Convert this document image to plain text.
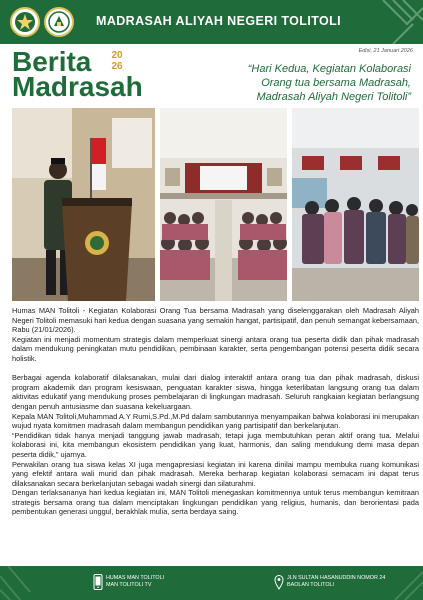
MADRASAH ALIYAH NEGERI TOLITOLI
Edisi, 21 Januari 2026
Berita	20
26
Madrasah
“Hari Kedua, Kegiatan Kolaborasi
Orang tua bersama Madrasah,
Madrasah Aliyah Negeri Tolitoli”

Humas MAN Tolitoli - Kegiatan Kolaborasi Orang Tua bersama Madrasah yang diselenggarakan oleh Madrasah Aliyah Negeri Tolitoli memasuki hari kedua dengan suasana yang semakin hangat, partisipatif, dan penuh semangat kebersamaan, Rabu (21/01/2026).

Kegiatan ini menjadi momentum strategis dalam memperkuat sinergi antara orang tua peserta didik dan pihak madrasah dalam mendukung peningkatan mutu pendidikan, pembinaan karakter, serta pengembangan potensi peserta didik secara holistik.

Berbagai agenda kolaboratif dilaksanakan, mulai dari dialog interaktif antara orang tua dan pihak madrasah, diskusi program akademik dan program kesiswaan, penguatan karakter siswa, hingga keterlibatan langsung orang tua dalam aktivitas edukatif yang mendukung proses pembelajaran di lingkungan madrasah. Seluruh rangkaian kegiatan berlangsung dengan penuh antusiasme dan suasana kekeluargaan.

Kepala MAN Tolitoli,Muhammad A.Y Rumi,S.Pd.,M.Pd dalam sambutannya menyampaikan bahwa kolaborasi ini merupakan wujud nyata komitmen madrasah dalam membangun pendidikan yang partisipatif dan berkelanjutan.

“Pendidikan tidak hanya menjadi tanggung jawab madrasah, tetapi juga membutuhkan peran aktif orang tua. Melalui kolaborasi ini, kita membangun ekosistem pendidikan yang kuat, harmonis, dan saling mendukung demi masa depan peserta didik,” ujarnya.

Perwakilan orang tua siswa kelas XI juga mengapresiasi kegiatan ini karena dinilai mampu membuka ruang komunikasi yang efektif antara wali murid dan pihak madrasah. Mereka berharap kegiatan kolaborasi semacam ini dapat terus dilaksanakan secara berkelanjutan sebagai wadah sinergi dan silaturahmi.

Dengan terlaksananya hari kedua kegiatan ini, MAN Tolitoli menegaskan komitmennya untuk terus membangun kemitraan strategis bersama orang tua dalam menciptakan lingkungan pendidikan yang religius, humanis, dan berorientasi pada pembentukan generasi unggul, berakhlak mulia, serta berdaya saing.

HUMAS MAN TOLITOLI
MAN TOLITOLI TV
JLN SULTAN HASANUDDIN NOMOR 24
BAOLAN TOLITOLI
